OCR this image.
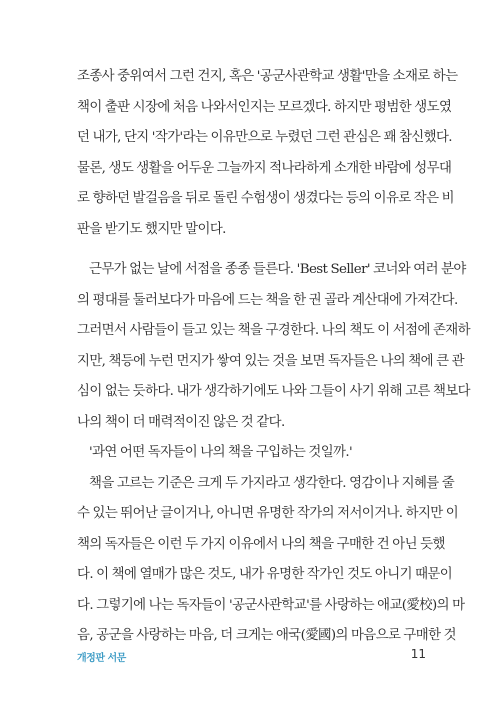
조종사 중위여서 그런 건지, 혹은 '공군사관학교 생활'만을 소재로 하는
책이 출판 시장에 처음 나와서인지는 모르겠다. 하지만 평범한 생도였
던 내가, 단지 '작가'라는 이유만으로 누렸던 그런 관심은 꽤 참신했다.
물론, 생도 생활을 어두운 그늘까지 적나라하게 소개한 바람에 성무대
로 향하던 발걸음을 뒤로 돌린 수험생이 생겼다는 등의 이유로 작은 비
판을 받기도 했지만 말이다.
근무가 없는 날에 서점을 종종 들른다. 'Best Seller' 코너와 여러 분야
의 평대를 둘러보다가 마음에 드는 책을 한 권 골라 계산대에 가져간다.
그러면서 사람들이 들고 있는 책을 구경한다. 나의 책도 이 서점에 존재하
지만, 책등에 누런 먼지가 쌓여 있는 것을 보면 독자들은 나의 책에 큰 관
심이 없는 듯하다. 내가 생각하기에도 나와 그들이 사기 위해 고른 책보다
나의 책이 더 매력적이진 않은 것 같다.
'과연 어떤 독자들이 나의 책을 구입하는 것일까.'
책을 고르는 기준은 크게 두 가지라고 생각한다. 영감이나 지혜를 줄
수 있는 뛰어난 글이거나, 아니면 유명한 작가의 저서이거나. 하지만 이
책의 독자들은 이런 두 가지 이유에서 나의 책을 구매한 건 아닌 듯했
다. 이 책에 열매가 많은 것도, 내가 유명한 작가인 것도 아니기 때문이
다. 그렇기에 나는 독자들이 '공군사관학교'를 사랑하는 애교(愛校)의 마
음, 공군을 사랑하는 마음, 더 크게는 애국(愛國)의 마음으로 구매한 것
개정판 서문	11
